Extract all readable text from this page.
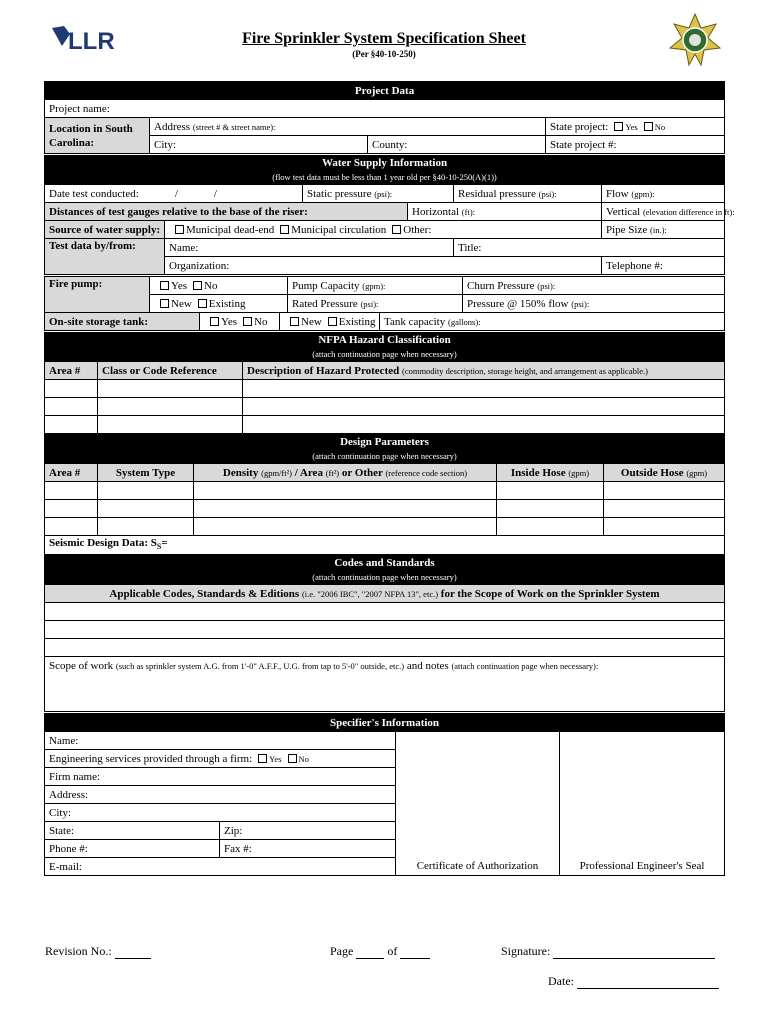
LLR	Fire Sprinkler System Specification Sheet
(Per §40-10-250)
Project Data			
Project name:			
Location in South Carolina:	Address (street # & street name):		State project: Yes No
	City:	County:	State project #:
Water Supply Information
(flow test data must be less than 1 year old per §40-10-250(A)(1))					

Date test conducted: / /		Static pressure (psi):		Residual pressure (psi):	Flow (gpm):
Distances of test gauges relative to the base of the riser:			Horizontal (ft):		Vertical (elevation difference in ft):
Source of water supply:	Municipal dead-end Municipal circulation Other:				Pipe Size (in.):
Test data by/from:	Name:			Title:	
	Organization:				Telephone #:
Fire pump:	Yes No	Pump Capacity (gpm):	Churn Pressure (psi):
	New Existing	Rated Pressure (psi):	Pressure @ 150% flow (psi):
On-site storage tank:	Yes No	New Existing	Tank capacity (gallons):
NFPA Hazard Classification
(attach continuation page when necessary)		

Area #	Class or Code Reference	Description of Hazard Protected (commodity description, storage height, and arrangement as applicable.)

Design Parameters
(attach continuation page when necessary)				

Area #	System Type	Density (gpm/ft²) / Area (ft²) or Other (reference code section)	Inside Hose (gpm)	Outside Hose (gpm)

Seismic Design Data: $S_S=$				
Codes and Standards
(attach continuation page when necessary)

Applicable Codes, Standards & Editions (i.e. "2006 IBC", "2007 NFPA 13", etc.) for the Scope of Work on the Sprinkler System

Scope of work (such as sprinkler system A.G. from 1'-0" A.F.F., U.G. from tap to 5'-0" outside, etc.) and notes (attach continuation page when necessary):
Specifier's Information			
Name:		Certificate of Authorization	Professional Engineer's Seal
Engineering services provided through a firm: Yes No			
Firm name:			
Address:			
City:			
State:	Zip:		
Phone #:	Fax #:		
E-mail:			
Revision No.:	Page	of	Signature:
Date:
